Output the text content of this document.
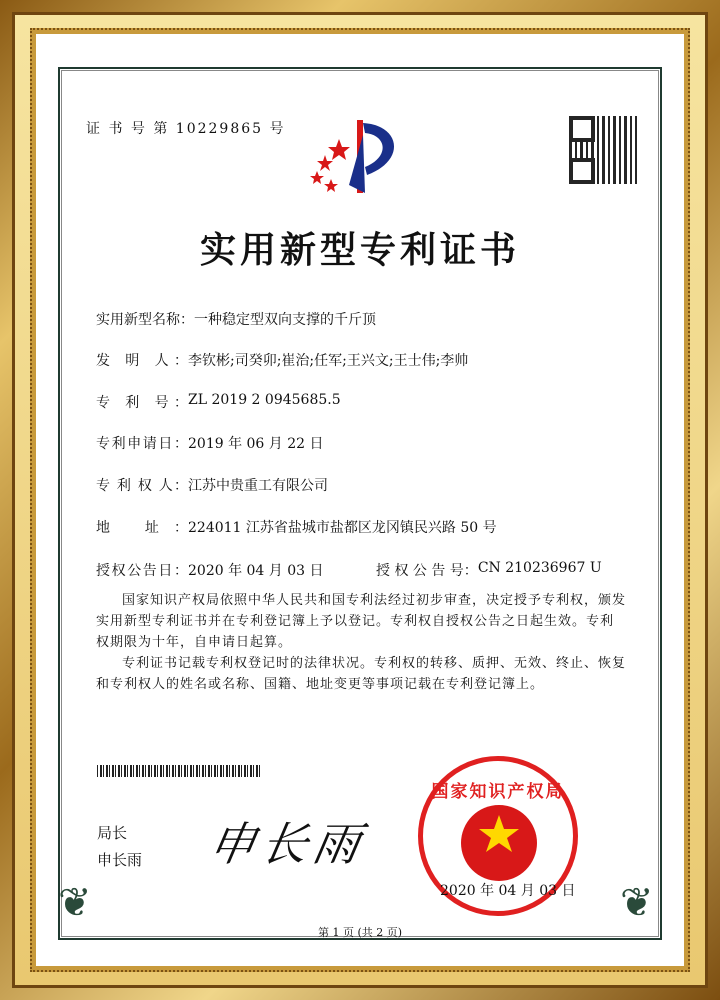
证 书 号 第 10229865 号
实用新型专利证书
实用新型名称： 一种稳定型双向支撑的千斤顶
发 明 人： 李钦彬;司癸卯;崔治;任军;王兴文;王士伟;李帅
专 利 号： ZL 2019 2 0945685.5
专利申请日： 2019 年 06 月 22 日
专 利 权 人： 江苏中贵重工有限公司
地 址： 224011 江苏省盐城市盐都区龙冈镇民兴路 50 号
授权公告日： 2020 年 04 月 03 日	授 权 公 告 号： CN 210236967 U

国家知识产权局依照中华人民共和国专利法经过初步审查，决定授予专利权，颁发实用新型专利证书并在专利登记簿上予以登记。专利权自授权公告之日起生效。专利权期限为十年，自申请日起算。

专利证书记载专利权登记时的法律状况。专利权的转移、质押、无效、终止、恢复和专利权人的姓名或名称、国籍、地址变更等事项记载在专利登记簿上。

局长
申长雨 申长雨
国家知识产权局
2020 年 04 月 03 日
❦	❦
第 1 页 (共 2 页)
